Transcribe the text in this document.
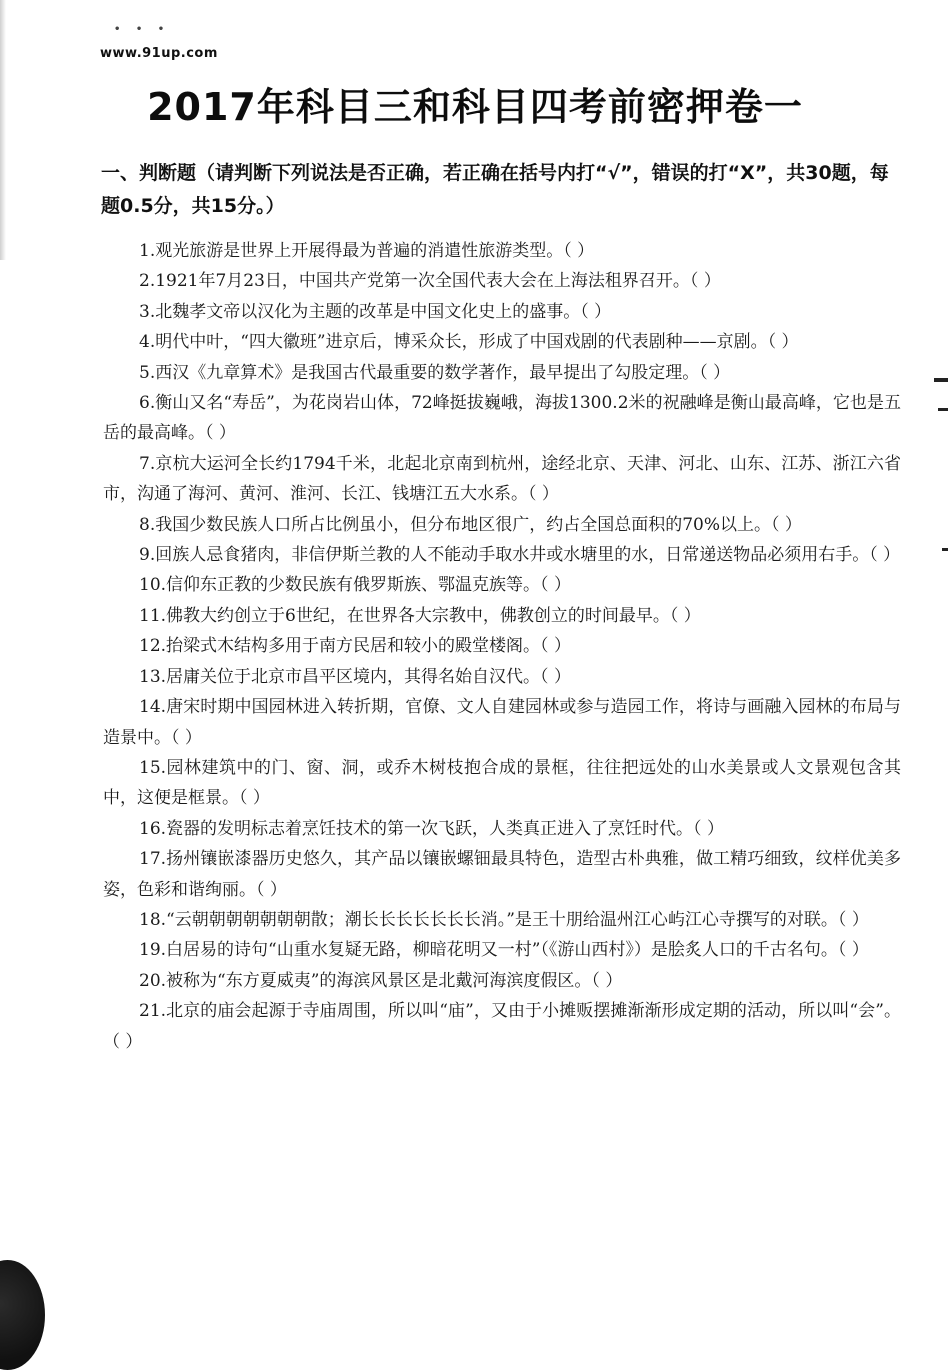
• • •
www.91up.com
2017年科目三和科目四考前密押卷一
一、判断题（请判断下列说法是否正确，若正确在括号内打“√”，错误的打“X”，共30题，每题0.5分，共15分。）

1.观光旅游是世界上开展得最为普遍的消遣性旅游类型。（ ）

2.1921年7月23日，中国共产党第一次全国代表大会在上海法租界召开。（ ）

3.北魏孝文帝以汉化为主题的改革是中国文化史上的盛事。（ ）

4.明代中叶，“四大徽班”进京后，博采众长，形成了中国戏剧的代表剧种——京剧。（ ）

5.西汉《九章算术》是我国古代最重要的数学著作，最早提出了勾股定理。（ ）

6.衡山又名“寿岳”，为花岗岩山体，72峰挺拔巍峨，海拔1300.2米的祝融峰是衡山最高峰，它也是五岳的最高峰。（ ）

7.京杭大运河全长约1794千米，北起北京南到杭州，途经北京、天津、河北、山东、江苏、浙江六省市，沟通了海河、黄河、淮河、长江、钱塘江五大水系。（ ）

8.我国少数民族人口所占比例虽小，但分布地区很广，约占全国总面积的70%以上。（ ）

9.回族人忌食猪肉，非信伊斯兰教的人不能动手取水井或水塘里的水，日常递送物品必须用右手。（ ）

10.信仰东正教的少数民族有俄罗斯族、鄂温克族等。（ ）

11.佛教大约创立于6世纪，在世界各大宗教中，佛教创立的时间最早。（ ）

12.抬梁式木结构多用于南方民居和较小的殿堂楼阁。（ ）

13.居庸关位于北京市昌平区境内，其得名始自汉代。（ ）

14.唐宋时期中国园林进入转折期，官僚、文人自建园林或参与造园工作，将诗与画融入园林的布局与造景中。（ ）

15.园林建筑中的门、窗、洞，或乔木树枝抱合成的景框，往往把远处的山水美景或人文景观包含其中，这便是框景。（ ）

16.瓷器的发明标志着烹饪技术的第一次飞跃，人类真正进入了烹饪时代。（ ）

17.扬州镶嵌漆器历史悠久，其产品以镶嵌螺钿最具特色，造型古朴典雅，做工精巧细致，纹样优美多姿，色彩和谐绚丽。（ ）

18.“云朝朝朝朝朝朝朝散；潮长长长长长长长消。”是王十朋给温州江心屿江心寺撰写的对联。（ ）

19.白居易的诗句“山重水复疑无路，柳暗花明又一村”（《游山西村》）是脍炙人口的千古名句。（ ）

20.被称为“东方夏威夷”的海滨风景区是北戴河海滨度假区。（ ）

21.北京的庙会起源于寺庙周围，所以叫“庙”，又由于小摊贩摆摊渐渐形成定期的活动，所以叫“会”。（ ）
